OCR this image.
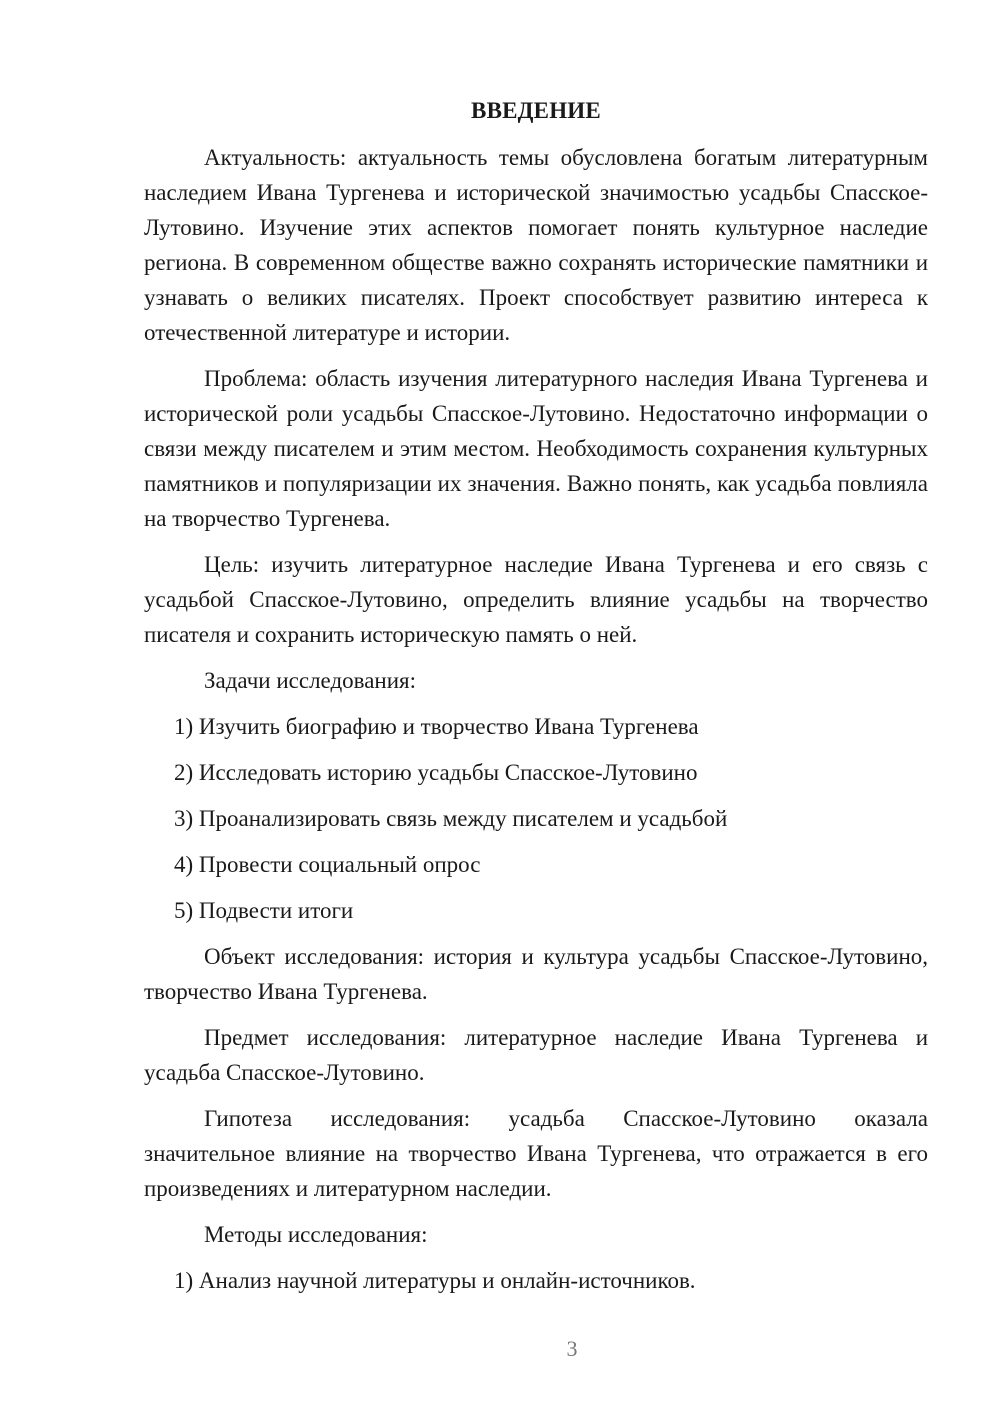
ВВЕДЕНИЕ

Актуальность: актуальность темы обусловлена богатым литературным наследием Ивана Тургенева и исторической значимостью усадьбы Спасское-Лутовино. Изучение этих аспектов помогает понять культурное наследие региона. В современном обществе важно сохранять исторические памятники и узнавать о великих писателях. Проект способствует развитию интереса к отечественной литературе и истории.

Проблема: область изучения литературного наследия Ивана Тургенева и исторической роли усадьбы Спасское-Лутовино. Недостаточно информации о связи между писателем и этим местом. Необходимость сохранения культурных памятников и популяризации их значения. Важно понять, как усадьба повлияла на творчество Тургенева.

Цель: изучить литературное наследие Ивана Тургенева и его связь с усадьбой Спасское-Лутовино, определить влияние усадьбы на творчество писателя и сохранить историческую память о ней.

Задачи исследования:

1) Изучить биографию и творчество Ивана Тургенева
2) Исследовать историю усадьбы Спасское-Лутовино
3) Проанализировать связь между писателем и усадьбой
4) Провести социальный опрос
5) Подвести итоги

Объект исследования: история и культура усадьбы Спасское-Лутовино, творчество Ивана Тургенева.

Предмет исследования: литературное наследие Ивана Тургенева и усадьба Спасское-Лутовино.

Гипотеза исследования: усадьба Спасское-Лутовино оказала значительное влияние на творчество Ивана Тургенева, что отражается в его произведениях и литературном наследии.

Методы исследования:

1) Анализ научной литературы и онлайн-источников.
3
